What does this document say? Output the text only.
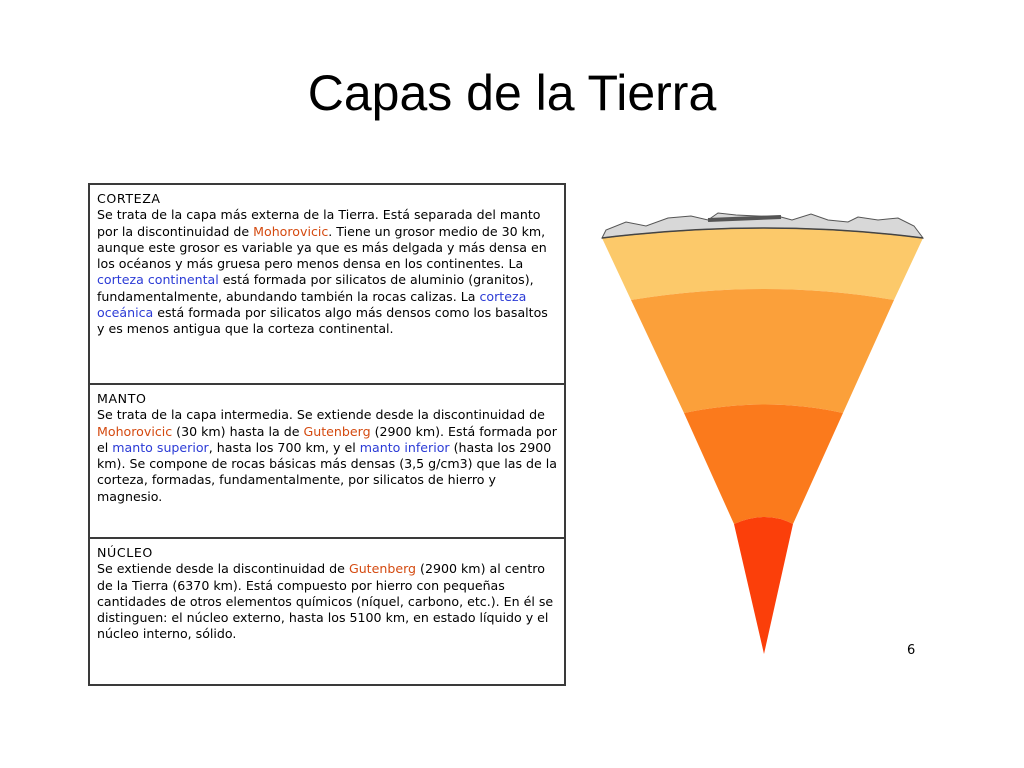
Capas de la Tierra
CORTEZA
Se trata de la capa más externa de la Tierra. Está separada del manto por la discontinuidad de Mohorovicic. Tiene un grosor medio de 30 km, aunque este grosor es variable ya que es más delgada y más densa en los océanos y más gruesa pero menos densa en los continentes. La corteza continental está formada por silicatos de aluminio (granitos), fundamentalmente, abundando también la rocas calizas. La corteza oceánica está formada por silicatos algo más densos como los basaltos y es menos antigua que la corteza continental.
MANTO
Se trata de la capa intermedia. Se extiende desde la discontinuidad de Mohorovicic (30 km) hasta la de Gutenberg (2900 km). Está formada por el manto superior, hasta los 700 km, y el manto inferior (hasta los 2900 km). Se compone de rocas básicas más densas (3,5 g/cm3) que las de la corteza, formadas, fundamentalmente, por silicatos de hierro y magnesio.
NÚCLEO
Se extiende desde la discontinuidad de Gutenberg (2900 km) al centro de la Tierra (6370 km). Está compuesto por hierro con pequeñas cantidades de otros elementos químicos (níquel, carbono, etc.). En él se distinguen: el núcleo externo, hasta los 5100 km, en estado líquido y el núcleo interno, sólido.
6
